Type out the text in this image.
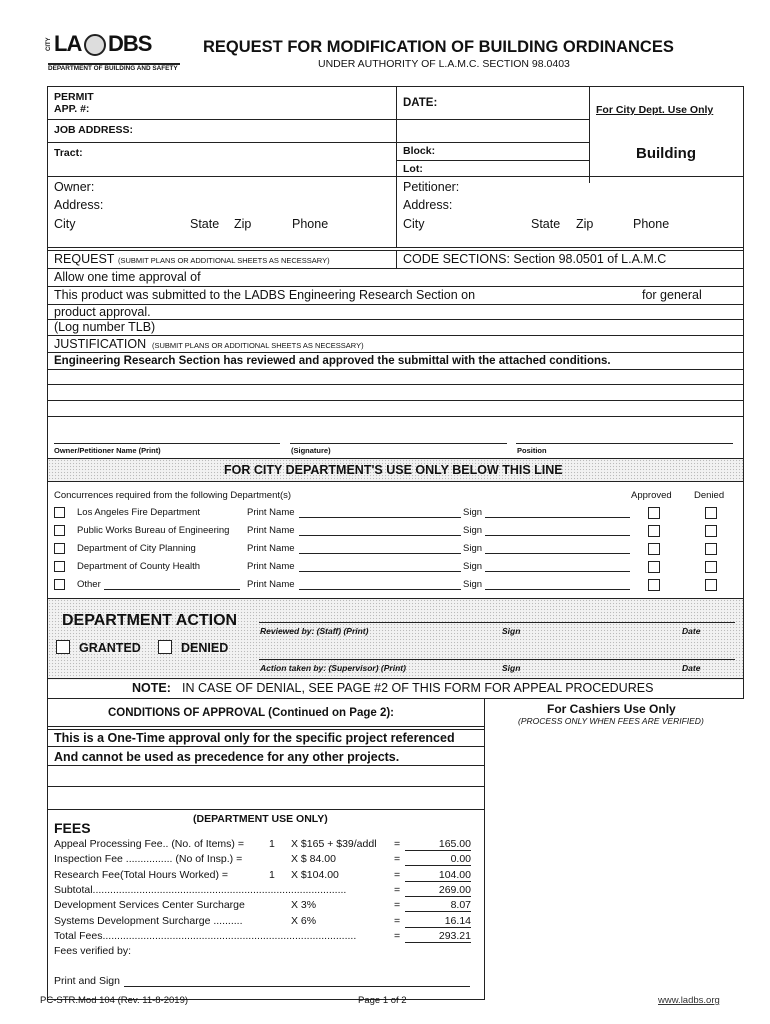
CITY LA DBS
DEPARTMENT OF BUILDING AND SAFETY
REQUEST FOR MODIFICATION OF BUILDING ORDINANCES
UNDER AUTHORITY OF L.A.M.C. SECTION 98.0403
PERMIT
APP. #:	DATE:
For City Dept. Use Only
JOB ADDRESS:
Tract:	Block:
Lot:
Building
Owner:
Address:
City	State Zip	Phone
Petitioner:
Address:
City	State Zip	Phone
REQUEST (SUBMIT PLANS OR ADDITIONAL SHEETS AS NECESSARY)	CODE SECTIONS: Section 98.0501 of L.A.M.C
Allow one time approval of
This product was submitted to the LADBS Engineering Research Section on	for general
product approval.
(Log number TLB)
JUSTIFICATION (SUBMIT PLANS OR ADDITIONAL SHEETS AS NECESSARY)
Engineering Research Section has reviewed and approved the submittal with the attached conditions.
Owner/Petitioner Name (Print)	(Signature)	Position
FOR CITY DEPARTMENT'S USE ONLY BELOW THIS LINE
Concurrences required from the following Department(s)	Approved Denied
Los Angeles Fire Department	Print Name	Sign
Public Works Bureau of Engineering Print Name	Sign
Department of City Planning	Print Name	Sign
Department of County Health	Print Name	Sign
Other	Print Name	Sign
DEPARTMENT ACTION
GRANTED	DENIED
Reviewed by: (Staff) (Print)	Sign	Date
Action taken by: (Supervisor) (Print)	Sign	Date
NOTE: IN CASE OF DENIAL, SEE PAGE #2 OF THIS FORM FOR APPEAL PROCEDURES
CONDITIONS OF APPROVAL (Continued on Page 2):
This is a One-Time approval only for the specific project referenced
And cannot be used as precedence for any other projects.
For Cashiers Use Only
(PROCESS ONLY WHEN FEES ARE VERIFIED)
(DEPARTMENT USE ONLY)
FEES
Appeal Processing Fee.. (No. of Items) = 1 X $165 + $39/addl =	165.00
Inspection Fee ................ (No of Insp.) =	X $ 84.00	=	0.00
Research Fee(Total Hours Worked) =	1 X $104.00	=	104.00
Subtotal.......................................................................................	=	269.00
Development Services Center Surcharge	X 3%	=	8.07
Systems Development Surcharge ..........	X 6%	=	16.14
Total Fees.......................................................................................	=	293.21
Fees verified by:
Print and Sign
PC-STR.Mod 104 (Rev. 11-8-2019)	Page 1 of 2	www.ladbs.org
